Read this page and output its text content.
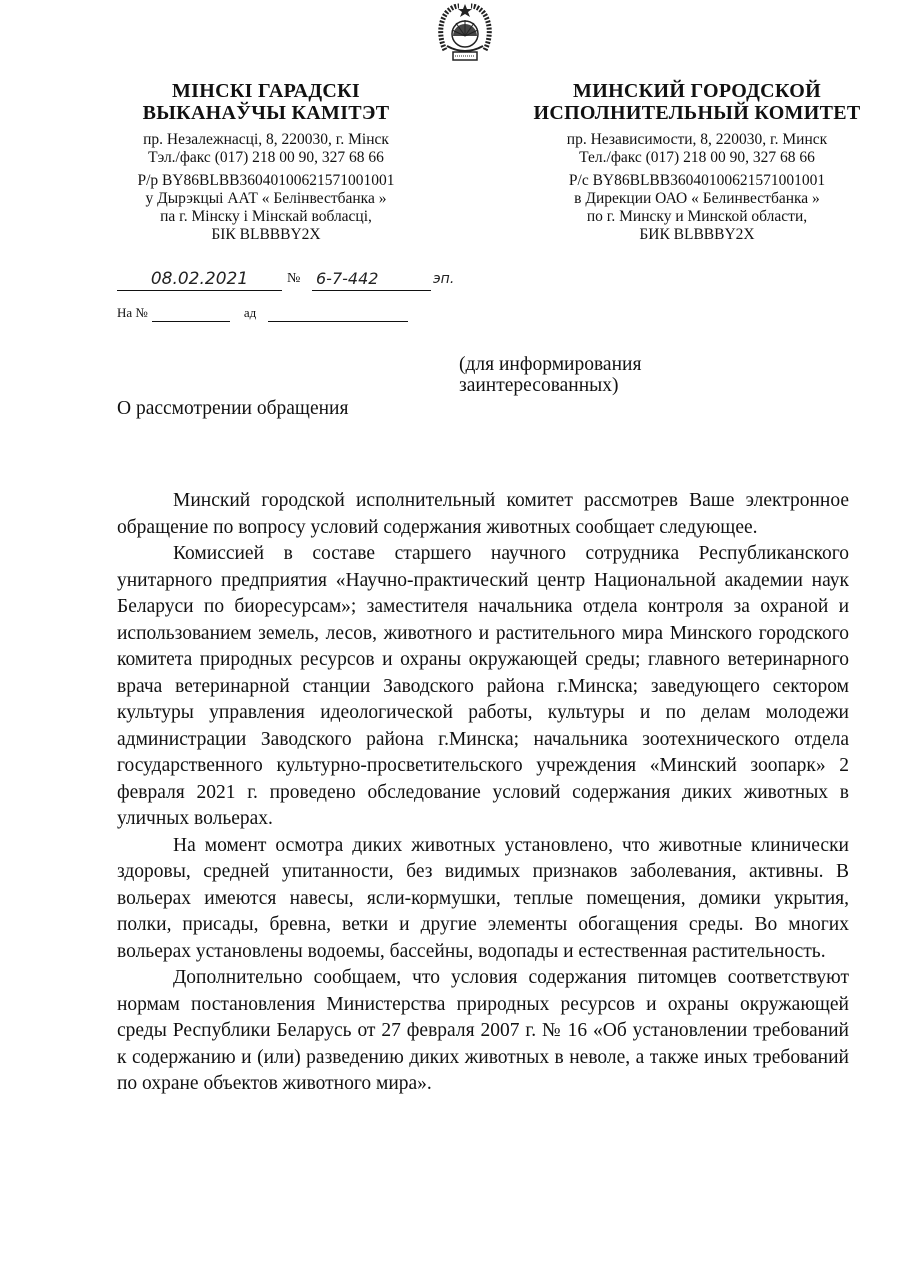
МІНСКІ ГАРАДСКІ
ВЫКАНАЎЧЫ КАМІТЭТ
пр. Незалежнасці, 8, 220030, г. Мінск
Тэл./факс (017) 218 00 90, 327 68 66
Р/р BY86BLBB36040100621571001001
у Дырэкцыі ААТ « Белінвестбанка »
па г. Мінску і Мінскай вобласці,
БІК BLBBBY2X
МИНСКИЙ ГОРОДСКОЙ
ИСПОЛНИТЕЛЬНЫЙ КОМИТЕТ
пр. Независимости, 8, 220030, г. Минск
Тел./факс (017) 218 00 90, 327 68 66
Р/с BY86BLBB36040100621571001001
в Дирекции ОАО « Белинвестбанка »
по г. Минску и Минской области,
БИК BLBBBY2X
08.02.2021	№ 6-7-442	эп.
На №	ад
(для информирования
заинтересованных)
О рассмотрении обращения

Минский городской исполнительный комитет рассмотрев Ваше электронное обращение по вопросу условий содержания животных сообщает следующее.

Комиссией в составе старшего научного сотрудника Республиканского унитарного предприятия «Научно-практический центр Национальной академии наук Беларуси по биоресурсам»; заместителя начальника отдела контроля за охраной и использованием земель, лесов, животного и растительного мира Минского городского комитета природных ресурсов и охраны окружающей среды; главного ветеринарного врача ветеринарной станции Заводского района г.Минска; заведующего сектором культуры управления идеологической работы, культуры и по делам молодежи администрации Заводского района г.Минска; начальника зоотехнического отдела государственного культурно-просветительского учреждения «Минский зоопарк» 2 февраля 2021 г. проведено обследование условий содержания диких животных в уличных вольерах.

На момент осмотра диких животных установлено, что животные клинически здоровы, средней упитанности, без видимых признаков заболевания, активны. В вольерах имеются навесы, ясли-кормушки, теплые помещения, домики укрытия, полки, присады, бревна, ветки и другие элементы обогащения среды. Во многих вольерах установлены водоемы, бассейны, водопады и естественная растительность.

Дополнительно сообщаем, что условия содержания питомцев соответствуют нормам постановления Министерства природных ресурсов и охраны окружающей среды Республики Беларусь от 27 февраля 2007 г. № 16 «Об установлении требований к содержанию и (или) разведению диких животных в неволе, а также иных требований по охране объектов животного мира».
